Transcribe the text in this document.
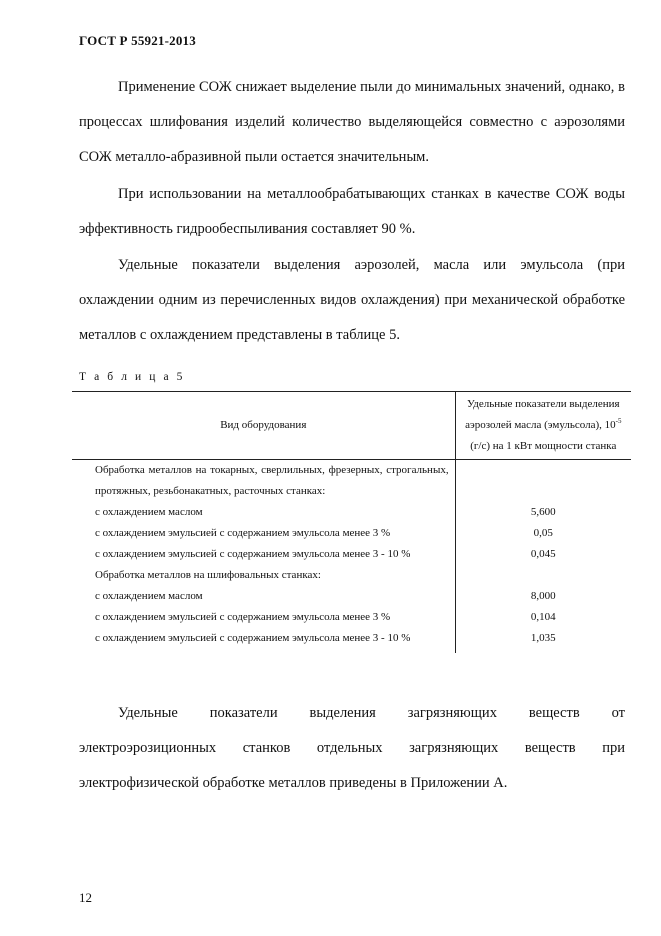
ГОСТ Р 55921-2013

Применение СОЖ снижает выделение пыли до минимальных значений, однако, в процессах шлифования изделий количество выделяющейся совместно с аэрозолями СОЖ металло-абразивной пыли остается значительным.

При использовании на металлообрабатывающих станках в качестве СОЖ воды эффективность гидрообеспыливания составляет 90 %.

Удельные показатели выделения аэрозолей, масла или эмульсола (при охлаждении одним из перечисленных видов охлаждения) при механической обработке металлов с охлаждением представлены в таблице 5.

Т а б л и ц а 5
Вид оборудования	Удельные показатели выделения аэрозолей масла (эмульсола), $10^{-5}$ (г/с) на 1 кВт мощности станка
Обработка металлов на токарных, сверлильных, фрезерных, строгальных, протяжных, резьбонакатных, расточных станках:	
с охлаждением маслом	5,600
с охлаждением эмульсией с содержанием эмульсола менее 3 %	0,05
с охлаждением эмульсией с содержанием эмульсола менее 3 - 10 %	0,045
Обработка металлов на шлифовальных станках:	
с охлаждением маслом	8,000
с охлаждением эмульсией с содержанием эмульсола менее 3 %	0,104
с охлаждением эмульсией с содержанием эмульсола менее 3 - 10 %	1,035
Удельные показатели выделения загрязняющих веществ от
электроэрозиционных станков отдельных загрязняющих веществ при
электрофизической обработке металлов приведены в Приложении А.
12
